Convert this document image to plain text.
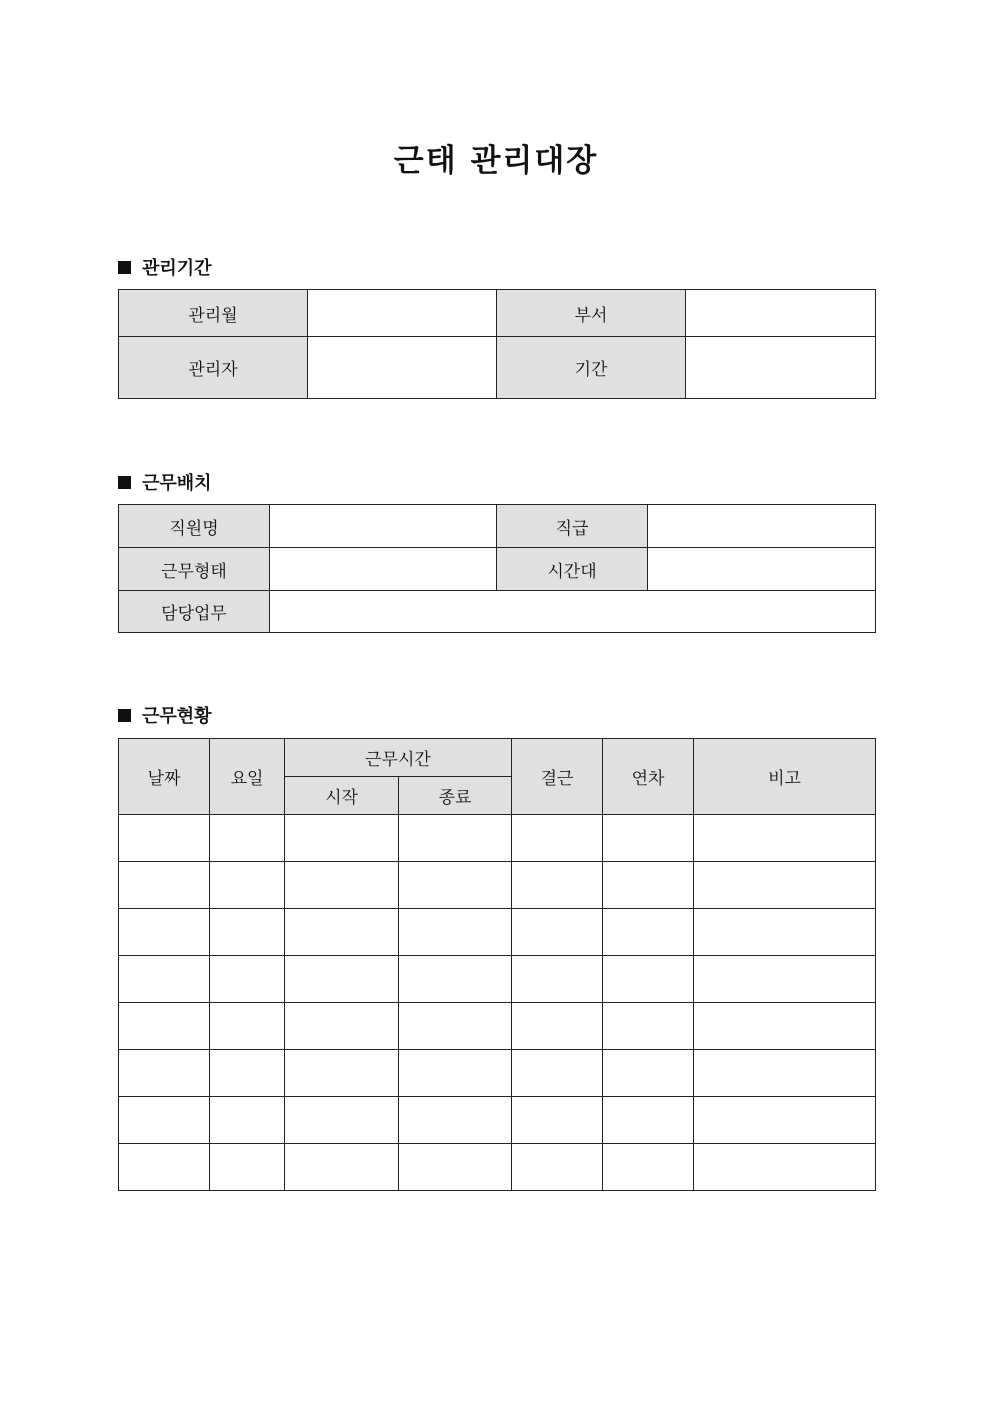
근태 관리대장
관리기간
관리월		부서	
관리자		기간	
근무배치
직원명		직급	
근무형태		시간대	
담당업무			
근무현황
날짜	요일	근무시간		결근	연차	비고
		시작	종료			
